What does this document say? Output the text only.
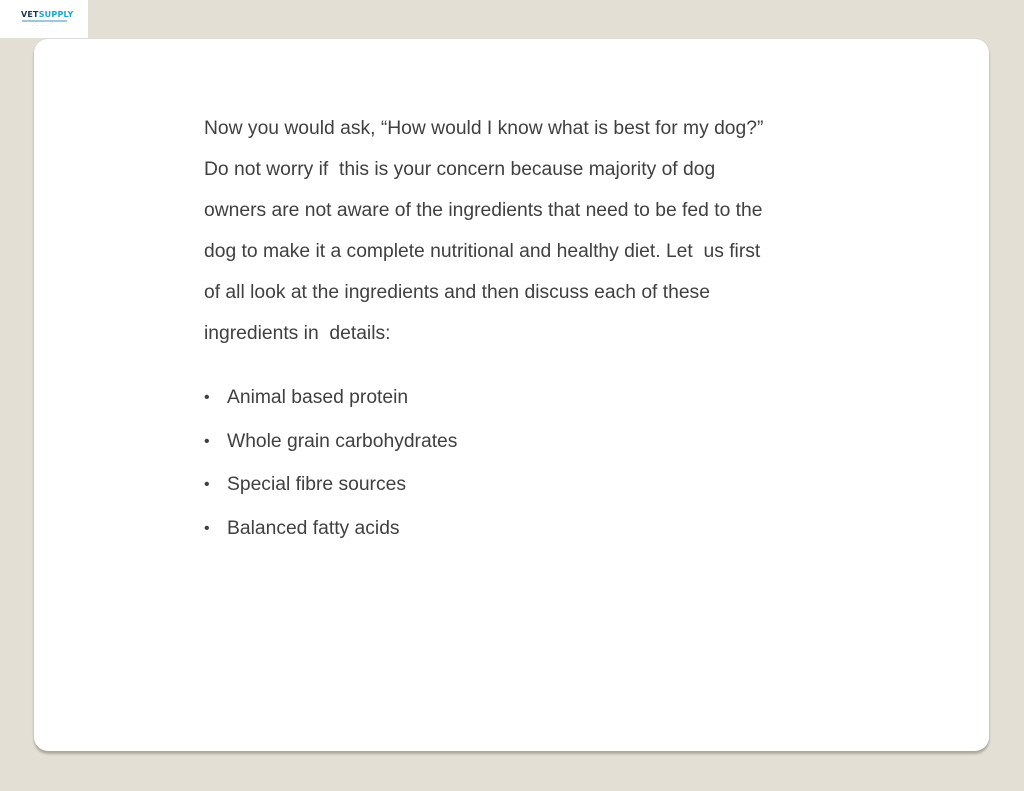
VETSUPPLY
· · · ·

Now you would ask, “How would I know what is best for my dog?”
Do not worry if  this is your concern because majority of dog
owners are not aware of the ingredients that need to be fed to the
dog to make it a complete nutritional and healthy diet. Let  us first
of all look at the ingredients and then discuss each of these
ingredients in  details:

• Animal based protein
• Whole grain carbohydrates
• Special fibre sources
• Balanced fatty acids
